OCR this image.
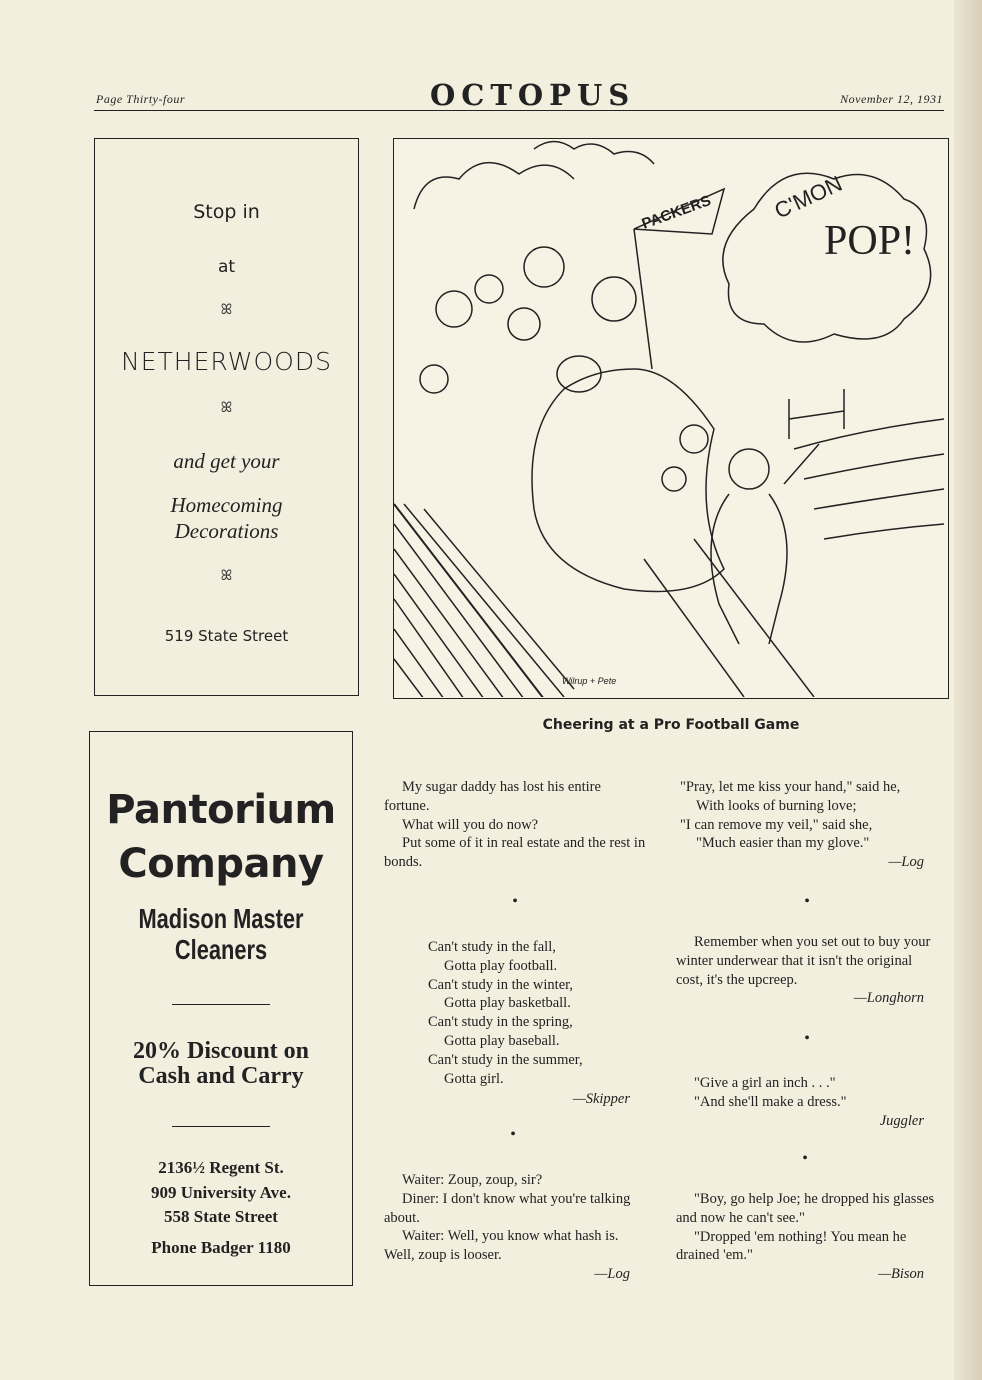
Page Thirty-four	OCTOPUS	November 12, 1931
Stop in
at
ꕤ
NETHERWOODS
ꕤ
and get your
Homecoming
Decorations
ꕤ
519 State Street
PACKERS	C'MON
POP!
Wilrup + Pete
Cheering at a Pro Football Game
Pantorium
Company
Madison Master
Cleaners
20% Discount on
Cash and Carry
2136½ Regent St.
909 University Ave.
558 State Street
Phone Badger 1180

My sugar daddy has lost his entire fortune.

What will you do now?

Put some of it in real estate and the rest in bonds.

•

Can't study in the fall,

Gotta play football.

Can't study in the winter,

Gotta play basketball.

Can't study in the spring,

Gotta play baseball.

Can't study in the summer,

Gotta girl.

—Skipper

•

Waiter: Zoup, zoup, sir?

Diner: I don't know what you're talking about.

Waiter: Well, you know what hash is. Well, zoup is looser.

—Log

"Pray, let me kiss your hand," said he,

With looks of burning love;

"I can remove my veil," said she,

"Much easier than my glove."

—Log

•

Remember when you set out to buy your winter underwear that it isn't the original cost, it's the upcreep.

—Longhorn

•

"Give a girl an inch . . ."

"And she'll make a dress."

Juggler

•

"Boy, go help Joe; he dropped his glasses and now he can't see."

"Dropped 'em nothing! You mean he drained 'em."

—Bison
